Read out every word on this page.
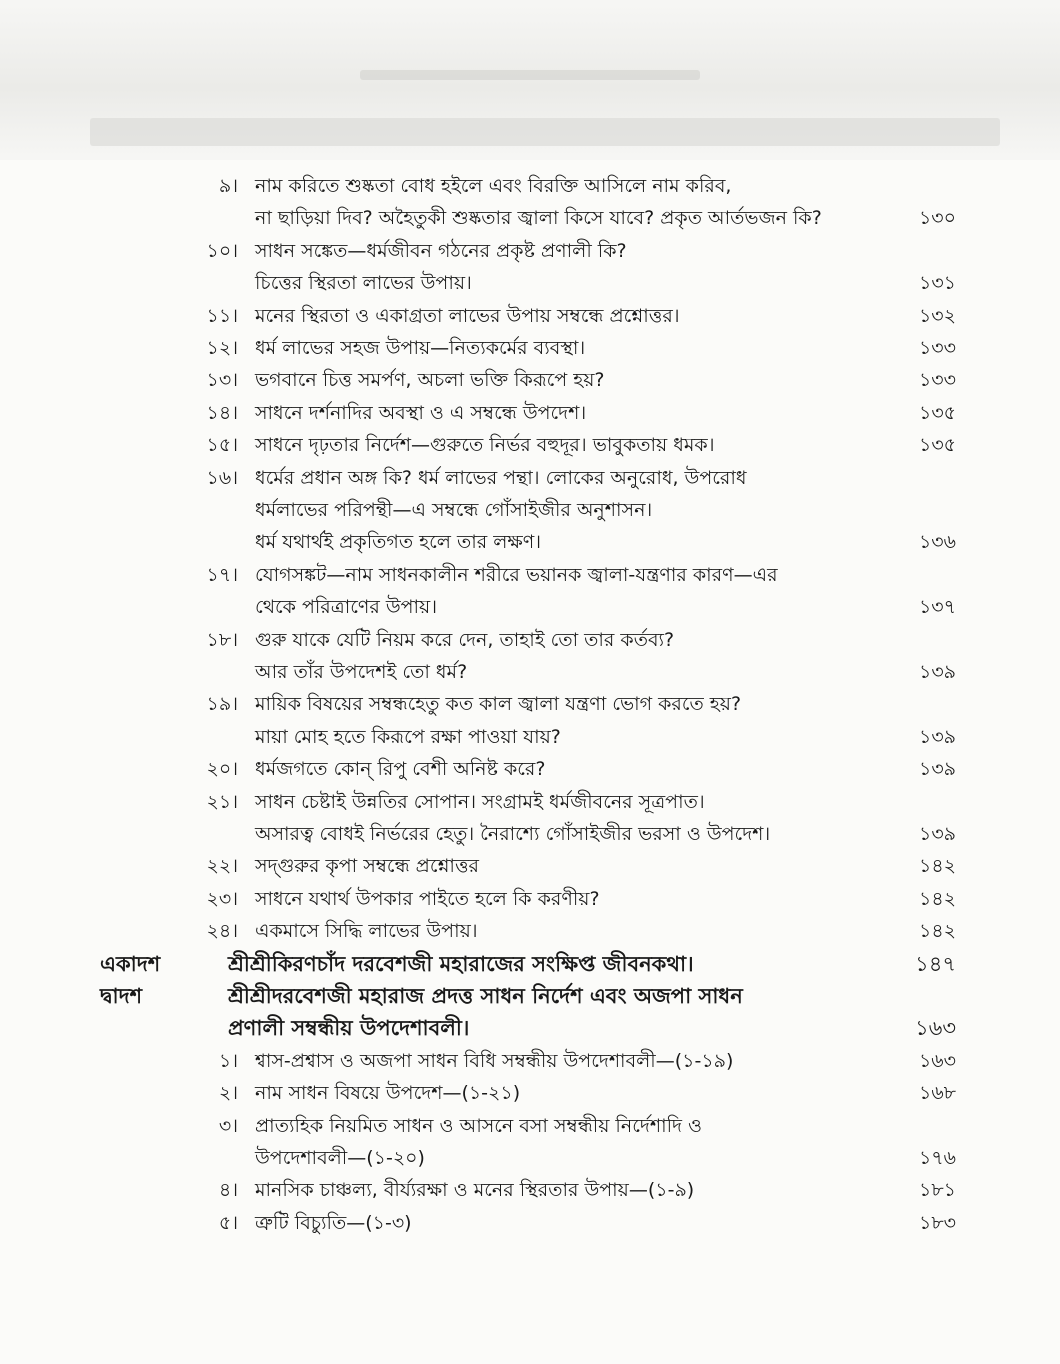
৯। নাম করিতে শুষ্কতা বোধ হইলে এবং বিরক্তি আসিলে নাম করিব,
না ছাড়িয়া দিব? অহৈতুকী শুষ্কতার জ্বালা কিসে যাবে? প্রকৃত আর্তভজন কি?	১৩০
১০। সাধন সঙ্কেত—ধর্মজীবন গঠনের প্রকৃষ্ট প্রণালী কি?
চিত্তের স্থিরতা লাভের উপায়।	১৩১
১১। মনের স্থিরতা ও একাগ্রতা লাভের উপায় সম্বন্ধে প্রশ্নোত্তর।	১৩২
১২। ধর্ম লাভের সহজ উপায়—নিত্যকর্মের ব্যবস্থা।	১৩৩
১৩। ভগবানে চিত্ত সমর্পণ, অচলা ভক্তি কিরূপে হয়?	১৩৩
১৪। সাধনে দর্শনাদির অবস্থা ও এ সম্বন্ধে উপদেশ।	১৩৫
১৫। সাধনে দৃঢ়তার নির্দেশ—গুরুতে নির্ভর বহুদূর। ভাবুকতায় ধমক।	১৩৫
১৬। ধর্মের প্রধান অঙ্গ কি? ধর্ম লাভের পন্থা। লোকের অনুরোধ, উপরোধ
ধর্মলাভের পরিপন্থী—এ সম্বন্ধে গোঁসাইজীর অনুশাসন।
ধর্ম যথার্থই প্রকৃতিগত হলে তার লক্ষণ।	১৩৬
১৭। যোগসঙ্কট—নাম সাধনকালীন শরীরে ভয়ানক জ্বালা-যন্ত্রণার কারণ—এর
থেকে পরিত্রাণের উপায়।	১৩৭
১৮। গুরু যাকে যেটি নিয়ম করে দেন, তাহাই তো তার কর্তব্য?
আর তাঁর উপদেশই তো ধর্ম?	১৩৯
১৯। মায়িক বিষয়ের সম্বন্ধহেতু কত কাল জ্বালা যন্ত্রণা ভোগ করতে হয়?
মায়া মোহ হতে কিরূপে রক্ষা পাওয়া যায়?	১৩৯
২০। ধর্মজগতে কোন্ রিপু বেশী অনিষ্ট করে?	১৩৯
২১। সাধন চেষ্টাই উন্নতির সোপান। সংগ্রামই ধর্মজীবনের সূত্রপাত।
অসারত্ব বোধই নির্ভরের হেতু। নৈরাশ্যে গোঁসাইজীর ভরসা ও উপদেশ।	১৩৯
২২। সদ্গুরুর কৃপা সম্বন্ধে প্রশ্নোত্তর	১৪২
২৩। সাধনে যথার্থ উপকার পাইতে হলে কি করণীয়?	১৪২
২৪। একমাসে সিদ্ধি লাভের উপায়।	১৪২
একাদশ	শ্রীশ্রীকিরণচাঁদ দরবেশজী মহারাজের সংক্ষিপ্ত জীবনকথা।	১৪৭
দ্বাদশ	শ্রীশ্রীদরবেশজী মহারাজ প্রদত্ত সাধন নির্দেশ এবং অজপা সাধন
প্রণালী সম্বন্ধীয় উপদেশাবলী।	১৬৩
১। শ্বাস-প্রশ্বাস ও অজপা সাধন বিধি সম্বন্ধীয় উপদেশাবলী—(১-১৯)	১৬৩
২। নাম সাধন বিষয়ে উপদেশ—(১-২১)	১৬৮
৩। প্রাত্যহিক নিয়মিত সাধন ও আসনে বসা সম্বন্ধীয় নির্দেশাদি ও
উপদেশাবলী—(১-২০)	১৭৬
৪। মানসিক চাঞ্চল্য, বীর্য্যরক্ষা ও মনের স্থিরতার উপায়—(১-৯)	১৮১
৫। ত্রুটি বিচ্যুতি—(১-৩)	১৮৩
